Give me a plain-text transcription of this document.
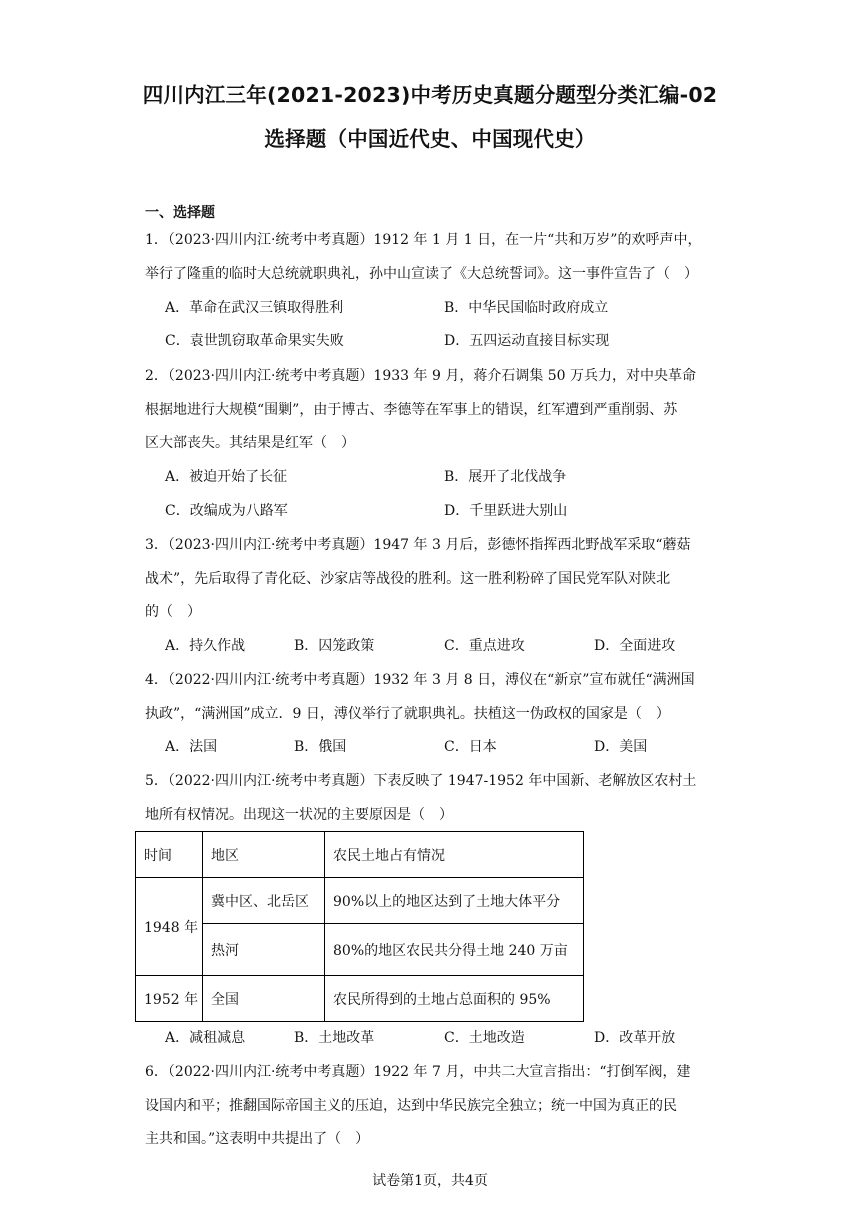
四川内江三年(2021-2023)中考历史真题分题型分类汇编-02
选择题（中国近代史、中国现代史）
一、选择题
1．（2023·四川内江·统考中考真题）1912 年 1 月 1 日，在一片“共和万岁”的欢呼声中，
举行了隆重的临时大总统就职典礼，孙中山宣读了《大总统誓词》。这一事件宣告了（　）
A．革命在武汉三镇取得胜利	B．中华民国临时政府成立
C．袁世凯窃取革命果实失败	D．五四运动直接目标实现
2．（2023·四川内江·统考中考真题）1933 年 9 月，蒋介石调集 50 万兵力，对中央革命
根据地进行大规模“围剿”，由于博古、李德等在军事上的错误，红军遭到严重削弱、苏
区大部丧失。其结果是红军（　）
A．被迫开始了长征	B．展开了北伐战争
C．改编成为八路军	D．千里跃进大别山
3．（2023·四川内江·统考中考真题）1947 年 3 月后，彭德怀指挥西北野战军采取“蘑菇
战术”，先后取得了青化砭、沙家店等战役的胜利。这一胜利粉碎了国民党军队对陕北
的（　）
A．持久作战	B．囚笼政策	C．重点进攻	D．全面进攻
4．（2022·四川内江·统考中考真题）1932 年 3 月 8 日，溥仪在“新京”宣布就任“满洲国
执政”，“满洲国”成立．9 日，溥仪举行了就职典礼。扶植这一伪政权的国家是（　）
A．法国	B．俄国	C．日本	D．美国
5．（2022·四川内江·统考中考真题）下表反映了 1947-1952 年中国新、老解放区农村土
地所有权情况。出现这一状况的主要原因是（　）
时间	地区	农民土地占有情况
1948 年	冀中区、北岳区	90%以上的地区达到了土地大体平分
	热河	80%的地区农民共分得土地 240 万亩
1952 年	全国	农民所得到的土地占总面积的 95%
A．减租减息	B．土地改革	C．土地改造	D．改革开放
6．（2022·四川内江·统考中考真题）1922 年 7 月，中共二大宣言指出：“打倒军阀，建
设国内和平；推翻国际帝国主义的压迫，达到中华民族完全独立；统一中国为真正的民
主共和国。”这表明中共提出了（　）
试卷第1页，共4页
